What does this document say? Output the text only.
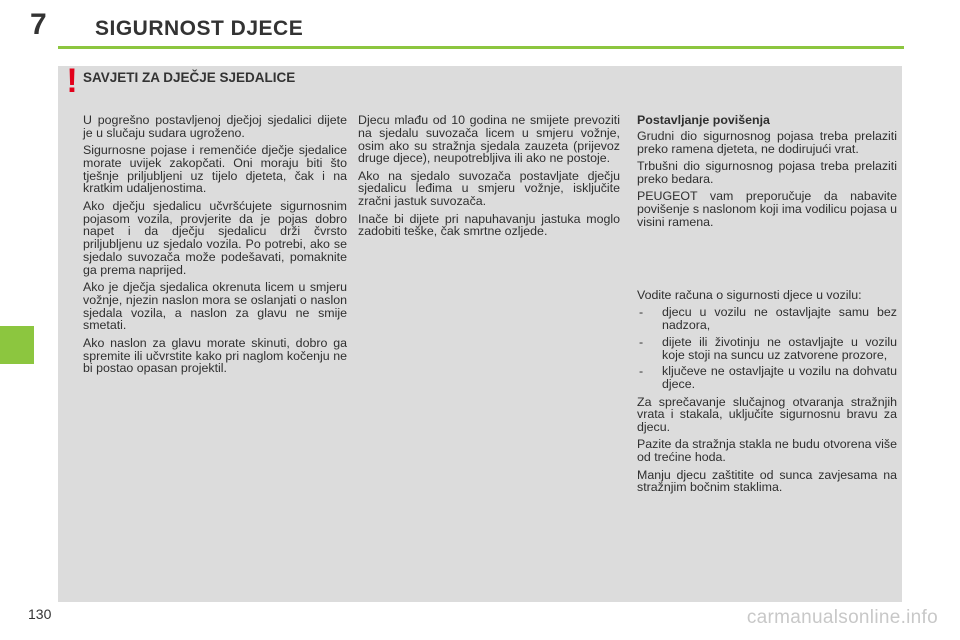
7 SIGURNOST DJECE
! SAVJETI ZA DJEČJE SJEDALICE

U pogrešno postavljenoj dječjoj sjedalici dijete je u slučaju sudara ugroženo.

Sigurnosne pojase i remenčiće dječje sjedalice morate uvijek zakopčati. Oni moraju biti što tješnje priljubljeni uz tijelo djeteta, čak i na kratkim udaljenostima.

Ako dječju sjedalicu učvršćujete sigurnosnim pojasom vozila, provjerite da je pojas dobro napet i da dječju sjedalicu drži čvrsto priljubljenu uz sjedalo vozila. Po potrebi, ako se sjedalo suvozača može podešavati, pomaknite ga prema naprijed.

Ako je dječja sjedalica okrenuta licem u smjeru vožnje, njezin naslon mora se oslanjati o naslon sjedala vozila, a naslon za glavu ne smije smetati.

Ako naslon za glavu morate skinuti, dobro ga spremite ili učvrstite kako pri naglom kočenju ne bi postao opasan projektil.

Djecu mlađu od 10 godina ne smijete prevoziti na sjedalu suvozača licem u smjeru vožnje, osim ako su stražnja sjedala zauzeta (prijevoz druge djece), neupotrebljiva ili ako ne postoje.

Ako na sjedalo suvozača postavljate dječju sjedalicu leđima u smjeru vožnje, isključite zračni jastuk suvozača.

Inače bi dijete pri napuhavanju jastuka moglo zadobiti teške, čak smrtne ozljede.

Postavljanje povišenja

Grudni dio sigurnosnog pojasa treba prelaziti preko ramena djeteta, ne dodirujući vrat.

Trbušni dio sigurnosnog pojasa treba prelaziti preko bedara.

PEUGEOT vam preporučuje da nabavite povišenje s naslonom koji ima vodilicu pojasa u visini ramena.

Vodite računa o sigurnosti djece u vozilu:

- djecu u vozilu ne ostavljajte samu bez nadzora,
- dijete ili životinju ne ostavljajte u vozilu koje stoji na suncu uz zatvorene prozore,
- ključeve ne ostavljajte u vozilu na dohvatu djece.

Za sprečavanje slučajnog otvaranja stražnjih vrata i stakala, uključite sigurnosnu bravu za djecu.

Pazite da stražnja stakla ne budu otvorena više od trećine hoda.

Manju djecu zaštitite od sunca zavjesama na stražnjim bočnim staklima.

130	carmanualsonline.info
